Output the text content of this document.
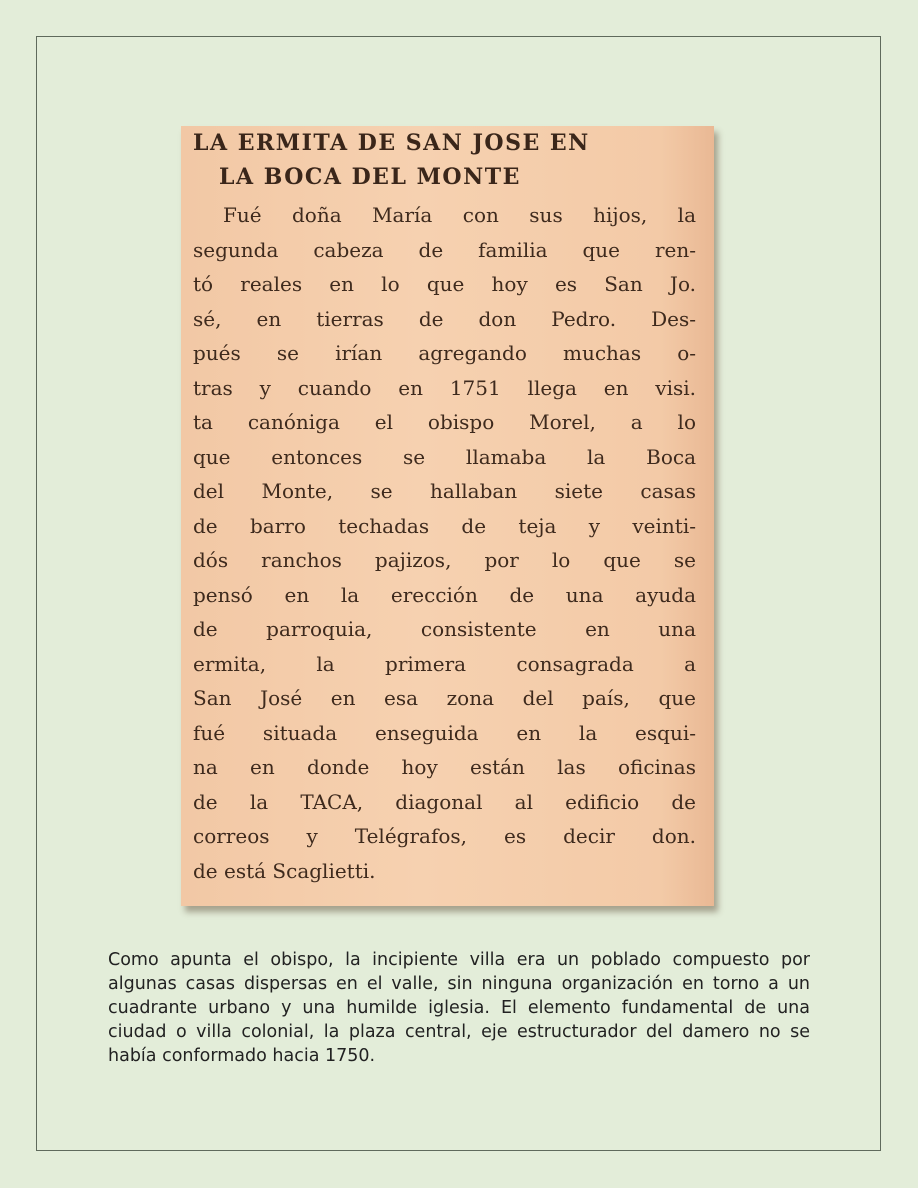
LA ERMITA DE SAN JOSE EN
LA BOCA DEL MONTE
Fué doña María con sus hijos, la
segunda cabeza de familia que ren-
tó reales en lo que hoy es San Jo.
sé, en tierras de don Pedro. Des-
pués se irían agregando muchas o-
tras y cuando en 1751 llega en visi.
ta canóniga el obispo Morel, a lo
que entonces se llamaba la Boca
del Monte, se hallaban siete casas
de barro techadas de teja y veinti-
dós ranchos pajizos, por lo que se
pensó en la erección de una ayuda
de parroquia, consistente en una
ermita, la primera consagrada a
San José en esa zona del país, que
fué situada enseguida en la esqui-
na en donde hoy están las oficinas
de la TACA, diagonal al edificio de
correos y Telégrafos, es decir don.
de está Scaglietti.

Como apunta el obispo, la incipiente villa era un poblado compuesto por algunas casas dispersas en el valle, sin ninguna organización en torno a un cuadrante urbano y una humilde iglesia. El elemento fundamental de una ciudad o villa colonial, la plaza central, eje estructurador del damero no se había conformado hacia 1750.
